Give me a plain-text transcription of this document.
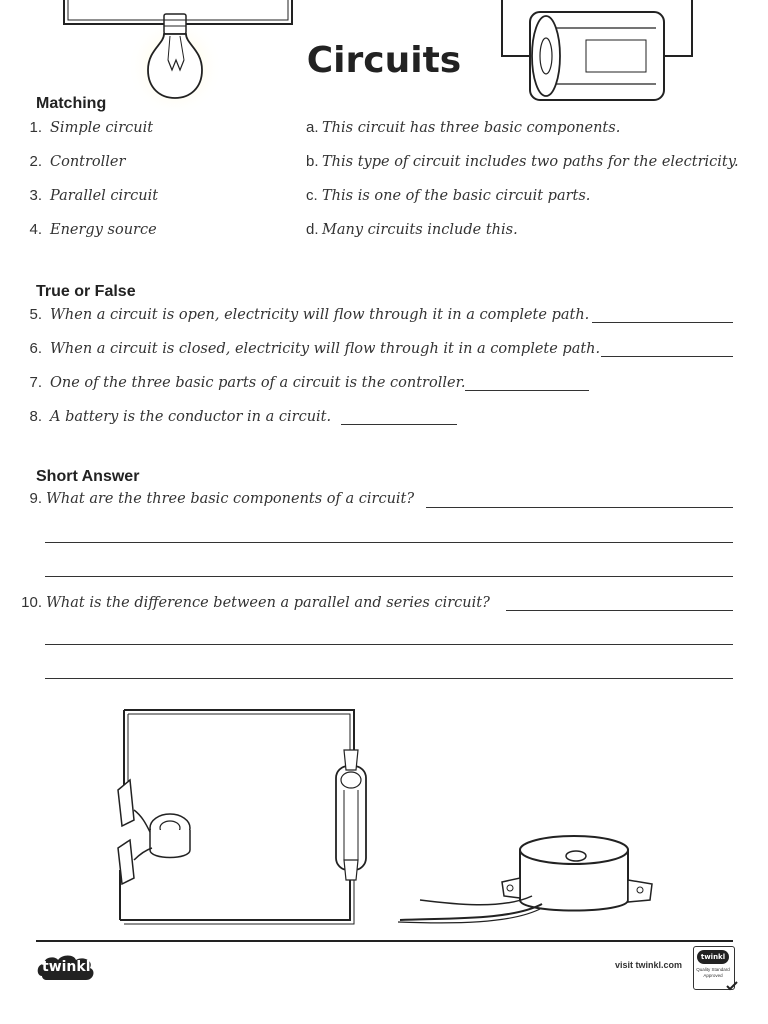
Circuits
Matching
1. Simple circuit
2. Controller
3. Parallel circuit
4. Energy source
a. This circuit has three basic components.
b. This type of circuit includes two paths for the electricity.
c. This is one of the basic circuit parts.
d. Many circuits include this.
True or False
5. When a circuit is open, electricity will flow through it in a complete path.
6. When a circuit is closed, electricity will flow through it in a complete path.
7. One of the three basic parts of a circuit is the controller.
8. A battery is the conductor in a circuit.
Short Answer
9. What are the three basic components of a circuit?
10. What is the difference between a parallel and series circuit?
twinkl	visit twinkl.com
twinkl
Quality Standard Approved
